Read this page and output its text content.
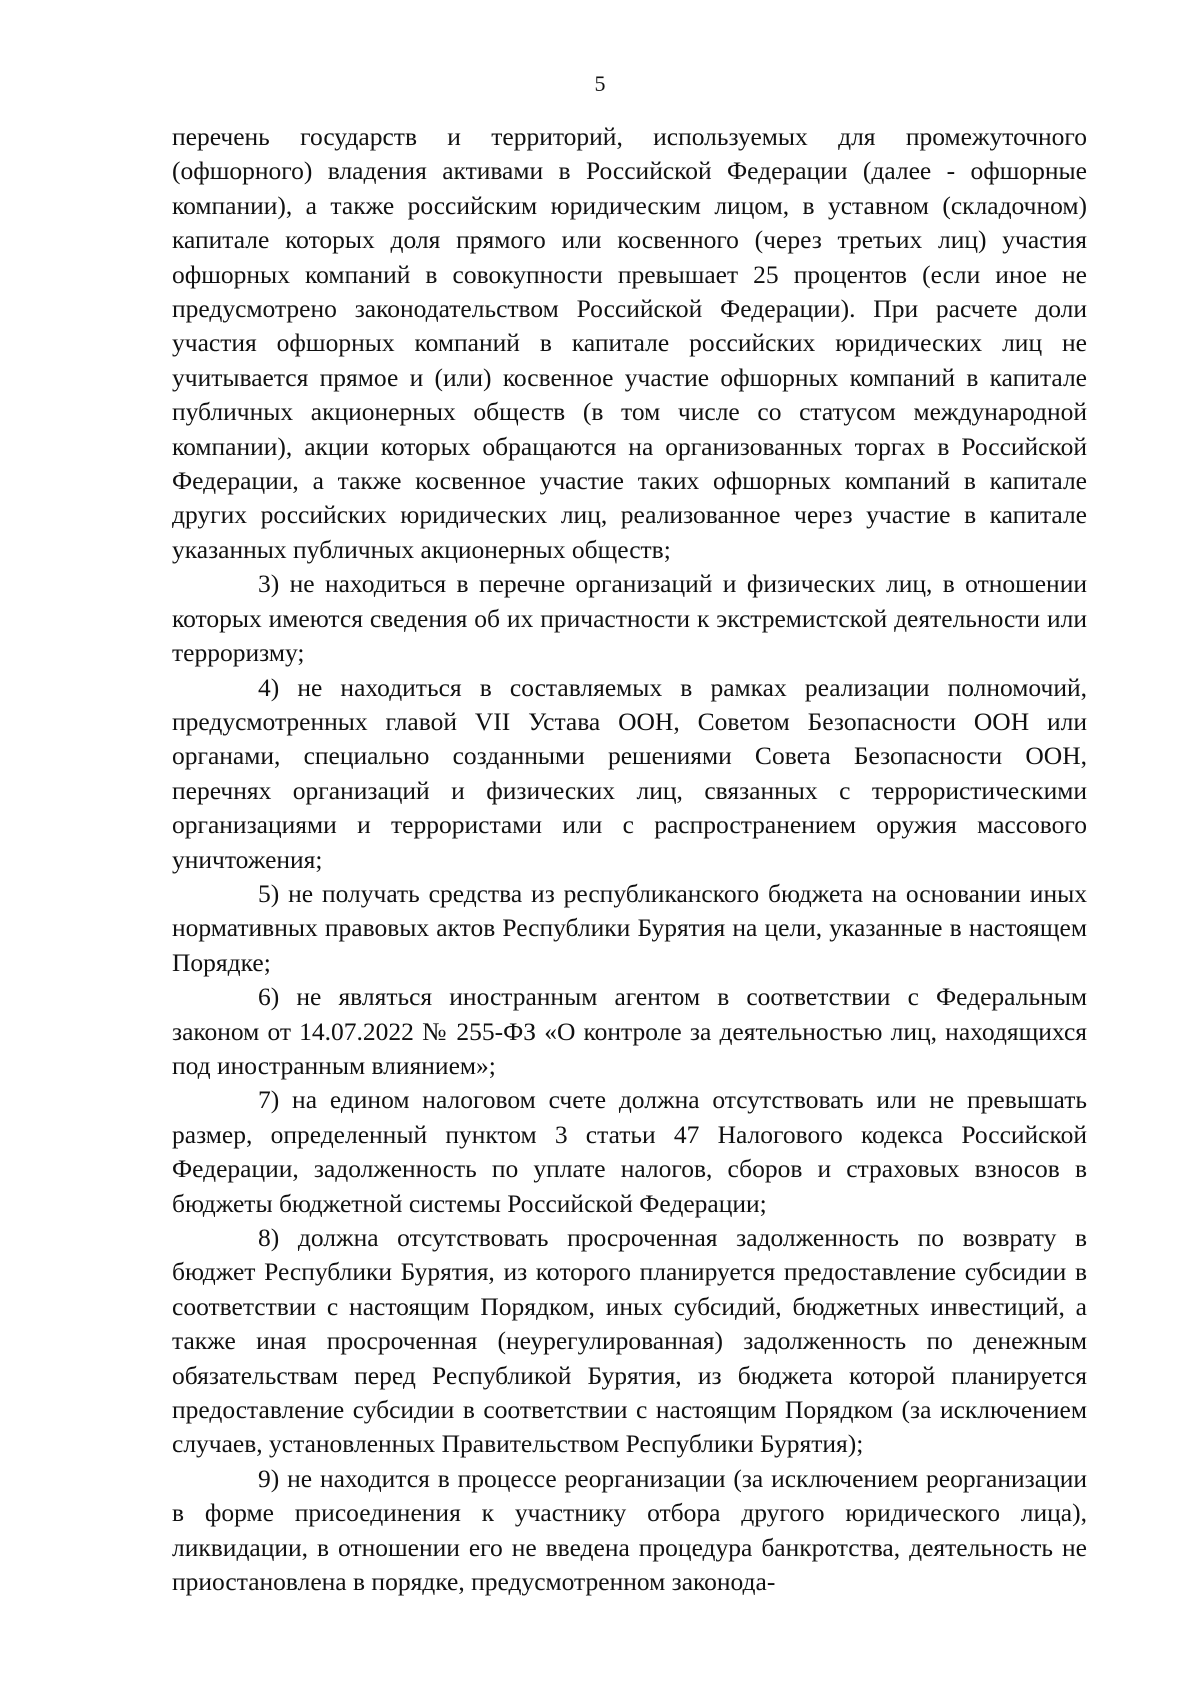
5

перечень государств и территорий, используемых для промежуточного (офшорного) владения активами в Российской Федерации (далее - офшорные компании), а также российским юридическим лицом, в уставном (складочном) капитале которых доля прямого или косвенного (через третьих лиц) участия офшорных компаний в совокупности превышает 25 процентов (если иное не предусмотрено законодательством Российской Федерации). При расчете доли участия офшорных компаний в капитале российских юридических лиц не учитывается прямое и (или) косвенное участие офшорных компаний в капитале публичных акционерных обществ (в том числе со статусом международной компании), акции которых обращаются на организованных торгах в Российской Федерации, а также косвенное участие таких офшорных компаний в капитале других российских юридических лиц, реализованное через участие в капитале указанных публичных акционерных обществ;

3) не находиться в перечне организаций и физических лиц, в отношении которых имеются сведения об их причастности к экстремистской деятельности или терроризму;

4) не находиться в составляемых в рамках реализации полномочий, предусмотренных главой VII Устава ООН, Советом Безопасности ООН или органами, специально созданными решениями Совета Безопасности ООН, перечнях организаций и физических лиц, связанных с террористическими организациями и террористами или с распространением оружия массового уничтожения;

5) не получать средства из республиканского бюджета на основании иных нормативных правовых актов Республики Бурятия на цели, указанные в настоящем Порядке;

6) не являться иностранным агентом в соответствии с Федеральным законом от 14.07.2022 № 255-ФЗ «О контроле за деятельностью лиц, находящихся под иностранным влиянием»;

7) на едином налоговом счете должна отсутствовать или не превышать размер, определенный пунктом 3 статьи 47 Налогового кодекса Российской Федерации, задолженность по уплате налогов, сборов и страховых взносов в бюджеты бюджетной системы Российской Федерации;

8) должна отсутствовать просроченная задолженность по возврату в бюджет Республики Бурятия, из которого планируется предоставление субсидии в соответствии с настоящим Порядком, иных субсидий, бюджетных инвестиций, а также иная просроченная (неурегулированная) задолженность по денежным обязательствам перед Республикой Бурятия, из бюджета которой планируется предоставление субсидии в соответствии с настоящим Порядком (за исключением случаев, установленных Правительством Республики Бурятия);

9) не находится в процессе реорганизации (за исключением реорганизации в форме присоединения к участнику отбора другого юридического лица), ликвидации, в отношении его не введена процедура банкротства, деятельность не приостановлена в порядке, предусмотренном законода-
